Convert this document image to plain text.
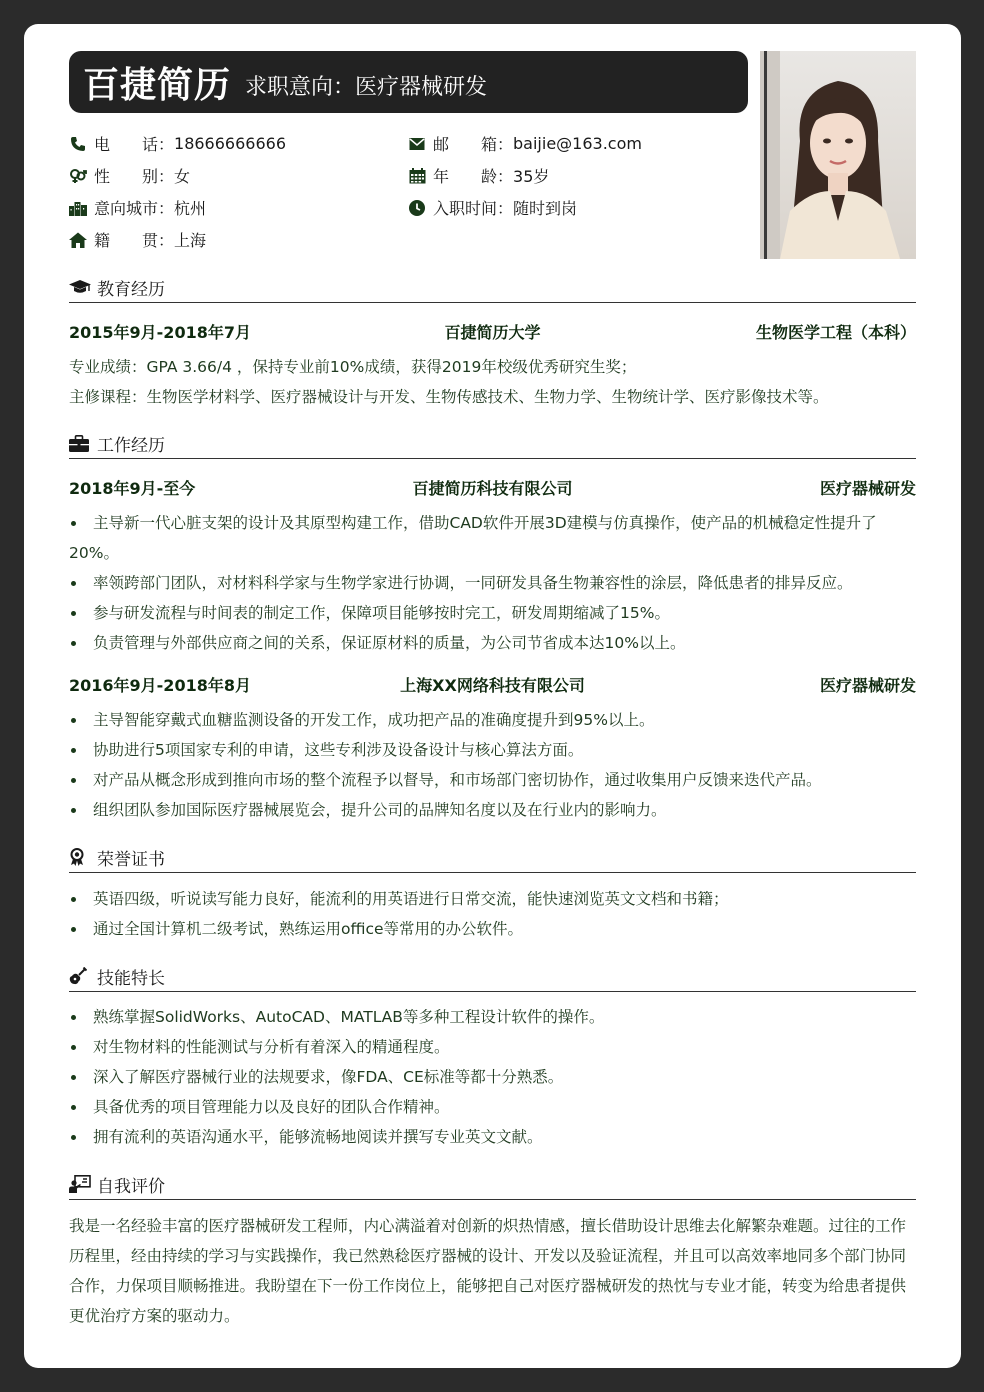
百捷简历 求职意向：医疗器械研发
电　　话： 18666666666	邮　　箱： baijie@163.com
性　　别： 女	年　　龄： 35岁
意向城市： 杭州	入职时间： 随时到岗
籍　　贯： 上海
教育经历
2015年9月-2018年7月	百捷简历大学	生物医学工程（本科）
专业成绩：GPA 3.66/4 ，保持专业前10%成绩，获得2019年校级优秀研究生奖；
主修课程：生物医学材料学、医疗器械设计与开发、生物传感技术、生物力学、生物统计学、医疗影像技术等。
工作经历
2018年9月-至今	百捷简历科技有限公司	医疗器械研发
主导新一代心脏支架的设计及其原型构建工作，借助CAD软件开展3D建模与仿真操作，使产品的机械稳定性提升了20%。
率领跨部门团队，对材料科学家与生物学家进行协调，一同研发具备生物兼容性的涂层，降低患者的排异反应。
参与研发流程与时间表的制定工作，保障项目能够按时完工，研发周期缩减了15%。
负责管理与外部供应商之间的关系，保证原材料的质量，为公司节省成本达10%以上。
2016年9月-2018年8月	上海XX网络科技有限公司	医疗器械研发
主导智能穿戴式血糖监测设备的开发工作，成功把产品的准确度提升到95%以上。
协助进行5项国家专利的申请，这些专利涉及设备设计与核心算法方面。
对产品从概念形成到推向市场的整个流程予以督导，和市场部门密切协作，通过收集用户反馈来迭代产品。
组织团队参加国际医疗器械展览会，提升公司的品牌知名度以及在行业内的影响力。
荣誉证书
英语四级，听说读写能力良好，能流利的用英语进行日常交流，能快速浏览英文文档和书籍；
通过全国计算机二级考试，熟练运用office等常用的办公软件。
技能特长
熟练掌握SolidWorks、AutoCAD、MATLAB等多种工程设计软件的操作。
对生物材料的性能测试与分析有着深入的精通程度。
深入了解医疗器械行业的法规要求，像FDA、CE标准等都十分熟悉。
具备优秀的项目管理能力以及良好的团队合作精神。
拥有流利的英语沟通水平，能够流畅地阅读并撰写专业英文文献。
自我评价
我是一名经验丰富的医疗器械研发工程师，内心满溢着对创新的炽热情感，擅长借助设计思维去化解繁杂难题。过往的工作历程里，经由持续的学习与实践操作，我已然熟稔医疗器械的设计、开发以及验证流程，并且可以高效率地同多个部门协同合作，力保项目顺畅推进。我盼望在下一份工作岗位上，能够把自己对医疗器械研发的热忱与专业才能，转变为给患者提供更优治疗方案的驱动力。
